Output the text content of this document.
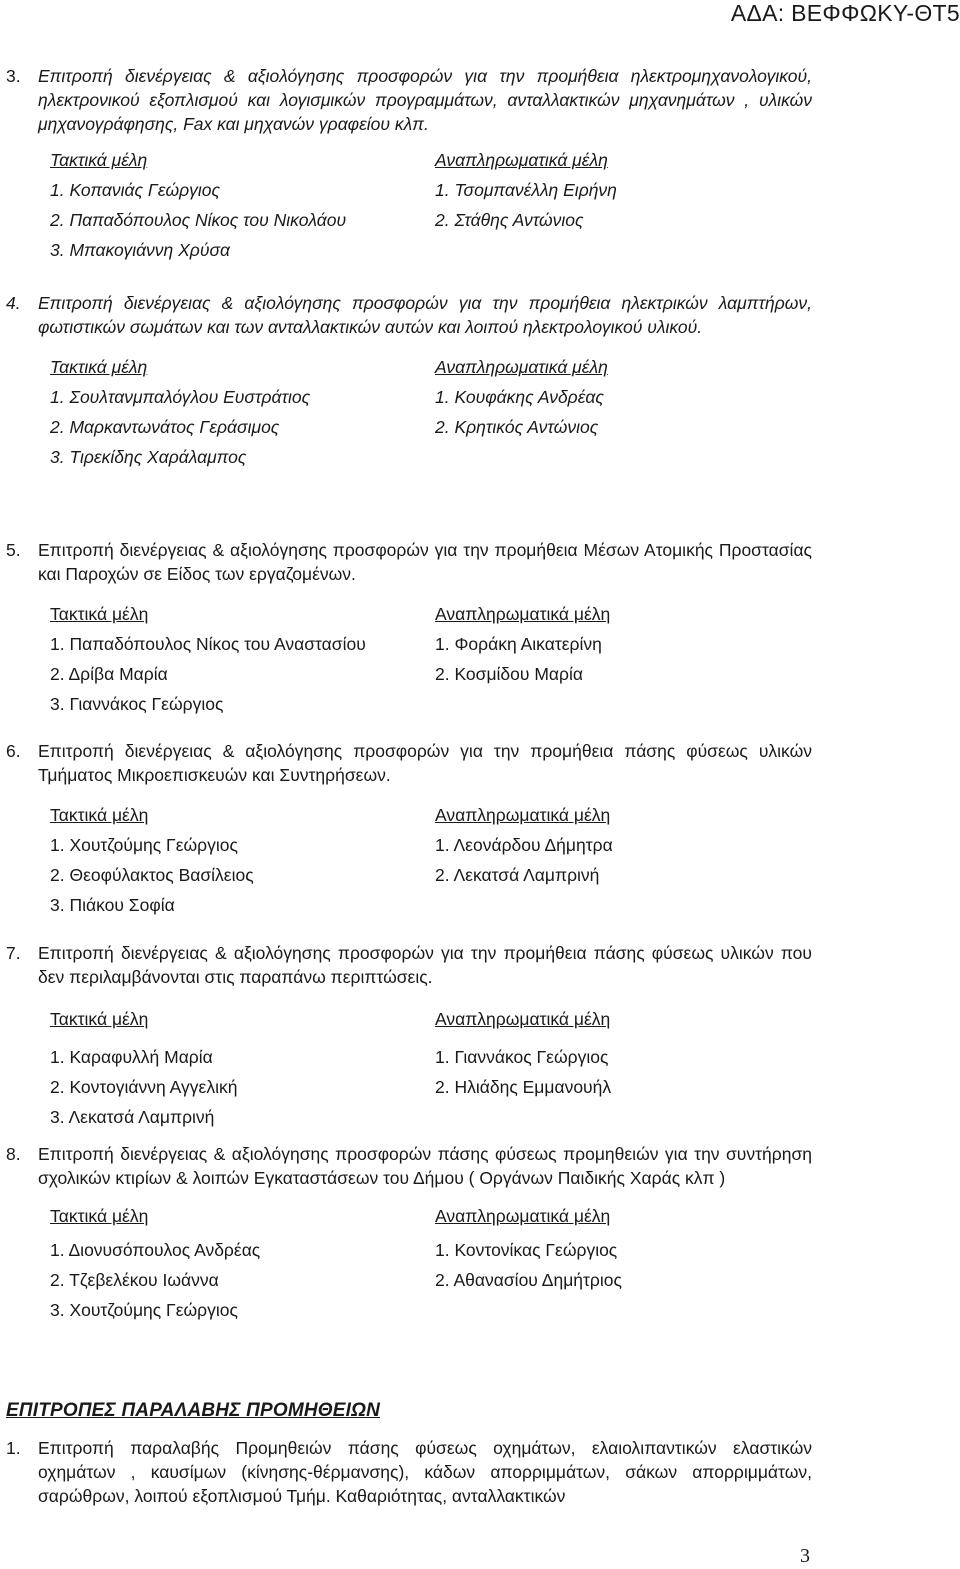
ΑΔΑ: ΒΕΦΦΩΚΥ-ΘΤ5
3. Επιτροπή διενέργειας & αξιολόγησης προσφορών για την προμήθεια ηλεκτρομηχανολογικού, ηλεκτρονικού εξοπλισμού και λογισμικών προγραμμάτων, ανταλλακτικών μηχανημάτων , υλικών μηχανογράφησης, Fax και μηχανών γραφείου κλπ.
Τακτικά μέλη	Αναπληρωματικά μέλη
1. Κοπανιάς Γεώργιος	1. Τσομπανέλλη Ειρήνη
2. Παπαδόπουλος Νίκος του Νικολάου	2. Στάθης Αντώνιος
3. Μπακογιάννη Χρύσα
4. Επιτροπή διενέργειας & αξιολόγησης προσφορών για την προμήθεια ηλεκτρικών λαμπτήρων, φωτιστικών σωμάτων και των ανταλλακτικών αυτών και λοιπού ηλεκτρολογικού υλικού.
Τακτικά μέλη	Αναπληρωματικά μέλη
1. Σουλτανμπαλόγλου Ευστράτιος	1. Κουφάκης Ανδρέας
2. Μαρκαντωνάτος Γεράσιμος	2. Κρητικός Αντώνιος
3. Τιρεκίδης Χαράλαμπος
5. Επιτροπή διενέργειας & αξιολόγησης προσφορών για την προμήθεια Μέσων Ατομικής Προστασίας και Παροχών σε Είδος των εργαζομένων.
Τακτικά μέλη	Αναπληρωματικά μέλη
1. Παπαδόπουλος Νίκος του Αναστασίου	1. Φοράκη Αικατερίνη
2. Δρίβα Μαρία	2. Κοσμίδου Μαρία
3. Γιαννάκος Γεώργιος
6. Επιτροπή διενέργειας & αξιολόγησης προσφορών για την προμήθεια πάσης φύσεως υλικών Τμήματος Μικροεπισκευών και Συντηρήσεων.
Τακτικά μέλη	Αναπληρωματικά μέλη
1. Χουτζούμης Γεώργιος	1. Λεονάρδου Δήμητρα
2. Θεοφύλακτος Βασίλειος	2. Λεκατσά Λαμπρινή
3. Πιάκου Σοφία
7. Επιτροπή διενέργειας & αξιολόγησης προσφορών για την προμήθεια πάσης φύσεως υλικών που δεν περιλαμβάνονται στις παραπάνω περιπτώσεις.
Τακτικά μέλη	Αναπληρωματικά μέλη
1. Καραφυλλή Μαρία	1. Γιαννάκος Γεώργιος
2. Κοντογιάννη Αγγελική	2. Ηλιάδης Εμμανουήλ
3. Λεκατσά Λαμπρινή
8. Επιτροπή διενέργειας & αξιολόγησης προσφορών πάσης φύσεως προμηθειών για την συντήρηση σχολικών κτιρίων & λοιπών Εγκαταστάσεων του Δήμου ( Οργάνων Παιδικής Χαράς κλπ )
Τακτικά μέλη	Αναπληρωματικά μέλη
1. Διονυσόπουλος Ανδρέας	1. Κοντονίκας Γεώργιος
2. Τζεβελέκου Ιωάννα	2. Αθανασίου Δημήτριος
3. Χουτζούμης Γεώργιος
ΕΠΙΤΡΟΠΕΣ ΠΑΡΑΛΑΒΗΣ ΠΡΟΜΗΘΕΙΩΝ
1. Επιτροπή παραλαβής Προμηθειών πάσης φύσεως οχημάτων, ελαιολιπαντικών ελαστικών οχημάτων , καυσίμων (κίνησης-θέρμανσης), κάδων απορριμμάτων, σάκων απορριμμάτων, σαρώθρων, λοιπού εξοπλισμού Τμήμ. Καθαριότητας, ανταλλακτικών
3
